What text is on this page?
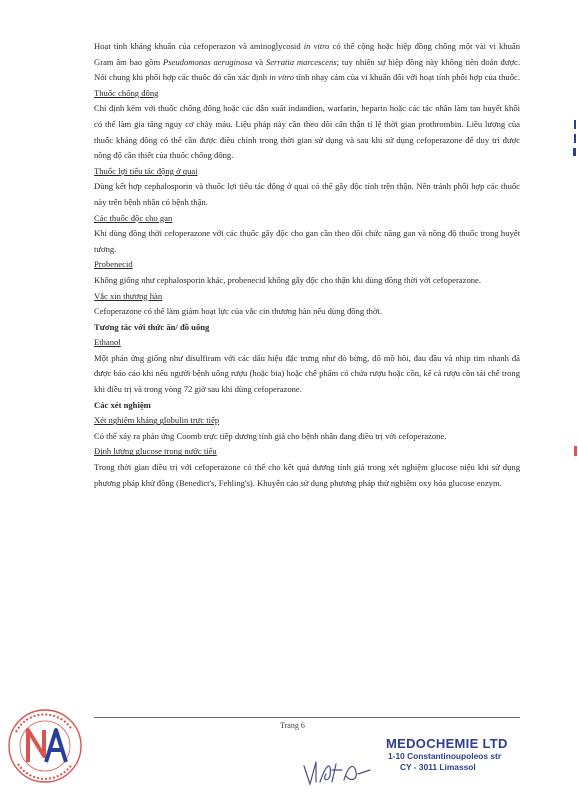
Hoạt tính kháng khuẩn của cefoperazon và aminoglycosid in vitro có thể cộng hoặc hiệp đồng chống một vài vi khuẩn Gram âm bao gồm Pseudomonas aeruginosa và Serratia marcescens; tuy nhiên sự hiệp đồng này không tiên đoán được. Nói chung khi phối hợp các thuốc đó cần xác định in vitro tính nhạy cảm của vi khuẩn đối với hoạt tính phối hợp của thuốc.

Thuốc chống đông

Chỉ định kèm với thuốc chống đông hoặc các dẫn xuất indandion, warfarin, heparin hoặc các tác nhân làm tan huyết khối có thể làm gia tăng nguy cơ chảy máu. Liệu pháp này cần theo dõi cẩn thận tỉ lệ thời gian prothrombin. Liều lượng của thuốc kháng đông có thể cần được điều chỉnh trong thời gian sử dụng và sau khi sử dụng cefoperazone để duy trì được nồng độ cần thiết của thuốc chống đông.

Thuốc lợi tiểu tác động ở quai

Dùng kết hợp cephalosporin và thuốc lợi tiểu tác động ở quai có thể gây độc tính trên thận. Nên tránh phối hợp các thuốc này trên bệnh nhân có bệnh thận.

Các thuốc độc cho gan

Khi dùng đồng thời cefoperazone với các thuốc gây độc cho gan cần theo dõi chức năng gan và nồng độ thuốc trong huyết tương.

Probenecid

Không giống như cephalosporin khác, probenecid không gây độc cho thận khi dùng đồng thời với cefoperazone.

Vắc xin thương hàn

Cefoperazone có thể làm giảm hoạt lực của vắc cin thương hàn nếu dùng đồng thời.

Tương tác với thức ăn/ đồ uống

Ethanol

Một phản ứng giống như disulfiram với các dấu hiệu đặc trưng như đỏ bừng, đổ mồ hôi, đau đầu và nhịp tim nhanh đã được báo cáo khi nếu người bệnh uống rượu (hoặc bia) hoặc chế phẩm có chứa rượu hoặc cồn, kể cả rượu cồn tái chế trong khi điều trị và trong vòng 72 giờ sau khi dùng cefoperazone.

Các xét nghiệm

Xét nghiệm kháng globulin trực tiếp

Có thể xảy ra phản ứng Coomb trực tiếp dương tính giả cho bệnh nhân đang điều trị với cefoperazone.

Định lượng glucose trong nước tiểu

Trong thời gian điều trị với cefoperazone có thể cho kết quả dương tính giả trong xét nghiệm glucose niệu khi sử dụng phương pháp khử đồng (Benedict's, Fehling's). Khuyến cáo sử dụng phương pháp thử nghiệm oxy hóa glucose enzym.

Trang 6
MEDOCHEMIE LTD
1-10 Constantinoupoleos str
CY - 3011 Limassol
